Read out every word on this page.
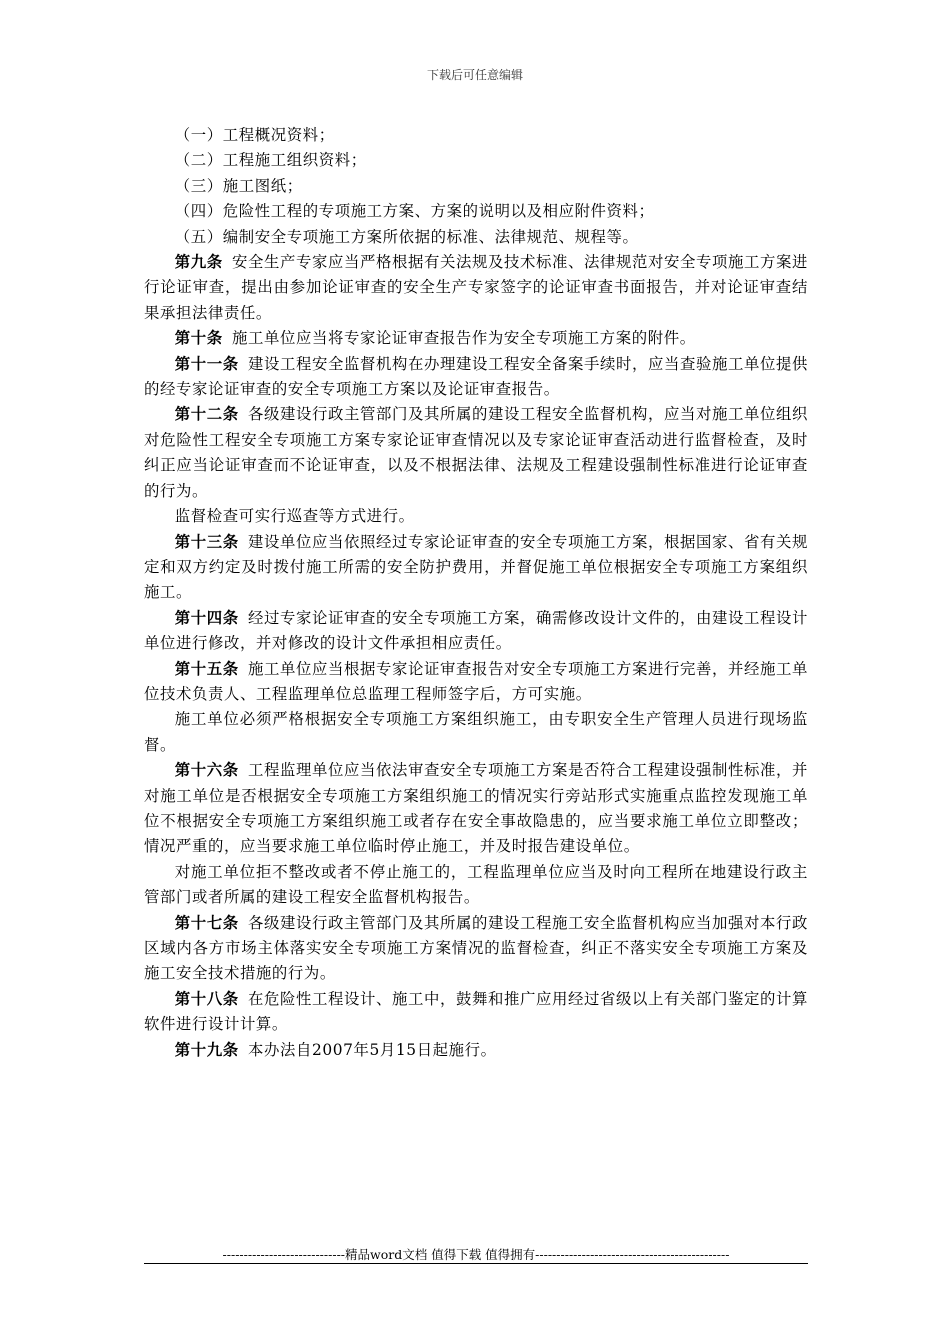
下载后可任意编辑

（一）工程概况资料；

（二）工程施工组织资料；

（三）施工图纸；

（四）危险性工程的专项施工方案、方案的说明以及相应附件资料；

（五）编制安全专项施工方案所依据的标准、法律规范、规程等。

第九条 安全生产专家应当严格根据有关法规及技术标准、法律规范对安全专项施工方案进行论证审查，提出由参加论证审查的安全生产专家签字的论证审查书面报告，并对论证审查结果承担法律责任。

第十条 施工单位应当将专家论证审查报告作为安全专项施工方案的附件。

第十一条 建设工程安全监督机构在办理建设工程安全备案手续时，应当查验施工单位提供的经专家论证审查的安全专项施工方案以及论证审查报告。

第十二条 各级建设行政主管部门及其所属的建设工程安全监督机构，应当对施工单位组织对危险性工程安全专项施工方案专家论证审查情况以及专家论证审查活动进行监督检查，及时纠正应当论证审查而不论证审查，以及不根据法律、法规及工程建设强制性标准进行论证审查的行为。

监督检查可实行巡查等方式进行。

第十三条 建设单位应当依照经过专家论证审查的安全专项施工方案，根据国家、省有关规定和双方约定及时拨付施工所需的安全防护费用，并督促施工单位根据安全专项施工方案组织施工。

第十四条 经过专家论证审查的安全专项施工方案，确需修改设计文件的，由建设工程设计单位进行修改，并对修改的设计文件承担相应责任。

第十五条 施工单位应当根据专家论证审查报告对安全专项施工方案进行完善，并经施工单位技术负责人、工程监理单位总监理工程师签字后，方可实施。

施工单位必须严格根据安全专项施工方案组织施工，由专职安全生产管理人员进行现场监督。

第十六条 工程监理单位应当依法审查安全专项施工方案是否符合工程建设强制性标准，并对施工单位是否根据安全专项施工方案组织施工的情况实行旁站形式实施重点监控发现施工单位不根据安全专项施工方案组织施工或者存在安全事故隐患的，应当要求施工单位立即整改；情况严重的，应当要求施工单位临时停止施工，并及时报告建设单位。

对施工单位拒不整改或者不停止施工的，工程监理单位应当及时向工程所在地建设行政主管部门或者所属的建设工程安全监督机构报告。

第十七条 各级建设行政主管部门及其所属的建设工程施工安全监督机构应当加强对本行政区域内各方市场主体落实安全专项施工方案情况的监督检查，纠正不落实安全专项施工方案及施工安全技术措施的行为。

第十八条 在危险性工程设计、施工中，鼓舞和推广应用经过省级以上有关部门鉴定的计算软件进行设计计算。

第十九条 本办法自2007年5月15日起施行。

-----------------------------精品word文档 值得下载 值得拥有----------------------------------------------
